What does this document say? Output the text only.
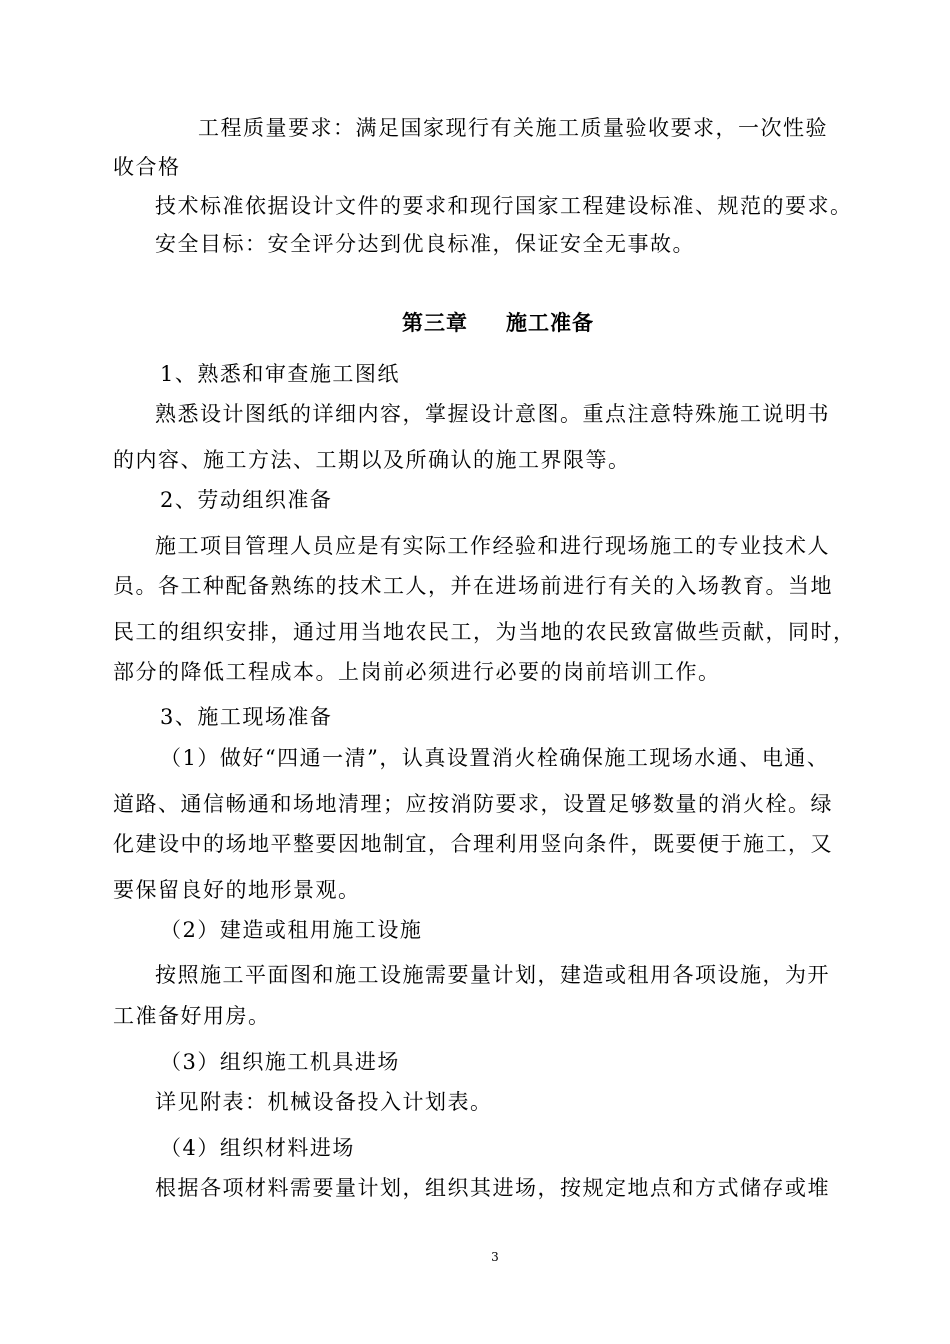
工程质量要求：满足国家现行有关施工质量验收要求，一次性验
收合格
技术标准依据设计文件的要求和现行国家工程建设标准、规范的要求。
安全目标：安全评分达到优良标准，保证安全无事故。
第三章 施工准备
1、熟悉和审查施工图纸
熟悉设计图纸的详细内容，掌握设计意图。重点注意特殊施工说明书
的内容、施工方法、工期以及所确认的施工界限等。
2、劳动组织准备
施工项目管理人员应是有实际工作经验和进行现场施工的专业技术人
员。各工种配备熟练的技术工人，并在进场前进行有关的入场教育。当地
民工的组织安排，通过用当地农民工，为当地的农民致富做些贡献，同时，
部分的降低工程成本。上岗前必须进行必要的岗前培训工作。
3、施工现场准备
（1）做好“四通一清”，认真设置消火栓确保施工现场水通、电通、
道路、通信畅通和场地清理；应按消防要求，设置足够数量的消火栓。绿
化建设中的场地平整要因地制宜，合理利用竖向条件，既要便于施工，又
要保留良好的地形景观。
（2）建造或租用施工设施
按照施工平面图和施工设施需要量计划，建造或租用各项设施，为开
工准备好用房。
（3）组织施工机具进场
详见附表：机械设备投入计划表。
（4）组织材料进场
根据各项材料需要量计划，组织其进场，按规定地点和方式储存或堆
3
